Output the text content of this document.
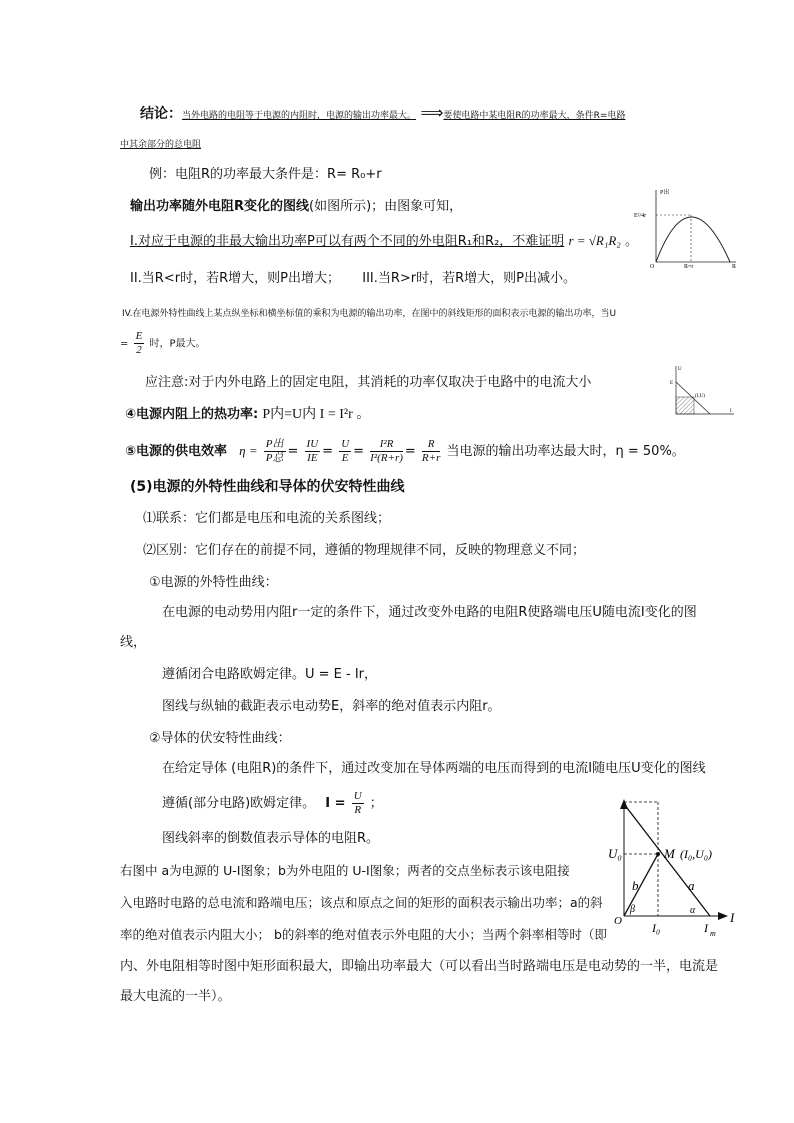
结论：当外电路的电阻等于电源的内阻时，电源的输出功率最大。 ⟹要使电路中某电阻R的功率最大，条件R=电路
中其余部分的总电阻
例：电阻R的功率最大条件是：R= R₀+r
输出功率随外电阻R变化的图线(如图所示)；由图象可知，
I.对应于电源的非最大输出功率P可以有两个不同的外电阻R₁和R₂，不难证明 r = √R₁R₂ 。
II.当R<r时，若R增大，则P出增大； III.当R>r时，若R增大，则P出减小。
IV.在电源外特性曲线上某点纵坐标和横坐标值的乘积为电源的输出功率，在图中的斜线矩形的面积表示电源的输出功率，当U
= $\frac{E}{2}$ 时，P最大。
应注意:对于内外电路上的固定电阻，其消耗的功率仅取决于电路中的电流大小
④电源内阻上的热功率: P内=U内 I = I²r 。
⑤电源的供电效率 $\eta = \frac{\text{P出}}{\text{P总}} = \frac{IU}{IE} = \frac{U}{E} = \frac{\text{I²R}}{\text{I²(R+r)}} = \frac{R}{R+r}$ 当电源的输出功率达最大时，η = 50%。
(5)电源的外特性曲线和导体的伏安特性曲线
⑴联系：它们都是电压和电流的关系图线；
⑵区别：它们存在的前提不同，遵循的物理规律不同，反映的物理意义不同；
①电源的外特性曲线：
在电源的电动势用内阻r一定的条件下，通过改变外电路的电阻R使路端电压U随电流I变化的图
线，
遵循闭合电路欧姆定律。U = E - Ir，
图线与纵轴的截距表示电动势E，斜率的绝对值表示内阻r。
②导体的伏安特性曲线：
在给定导体 (电阻R)的条件下，通过改变加在导体两端的电压而得到的电流I随电压U变化的图线
遵循(部分电路)欧姆定律。 $I = \frac{U}{R}$ ；
图线斜率的倒数值表示导体的电阻R。
右图中 a为电源的 U-I图象；b为外电阻的 U-I图象；两者的交点坐标表示该电阻接
入电路时电路的总电流和路端电压；该点和原点之间的矩形的面积表示输出功率；a的斜
率的绝对值表示内阻大小； b的斜率的绝对值表示外电阻的大小；当两个斜率相等时（即
内、外电阻相等时图中矩形面积最大，即输出功率最大（可以看出当时路端电压是电动势的一半，电流是
最大电流的一半）。
P出
E²/4r
O	R=r	R
U
E
(I,U)
I
U₀	M (I₀,U₀)
a
b
O
β	α
I₀	I m
I
